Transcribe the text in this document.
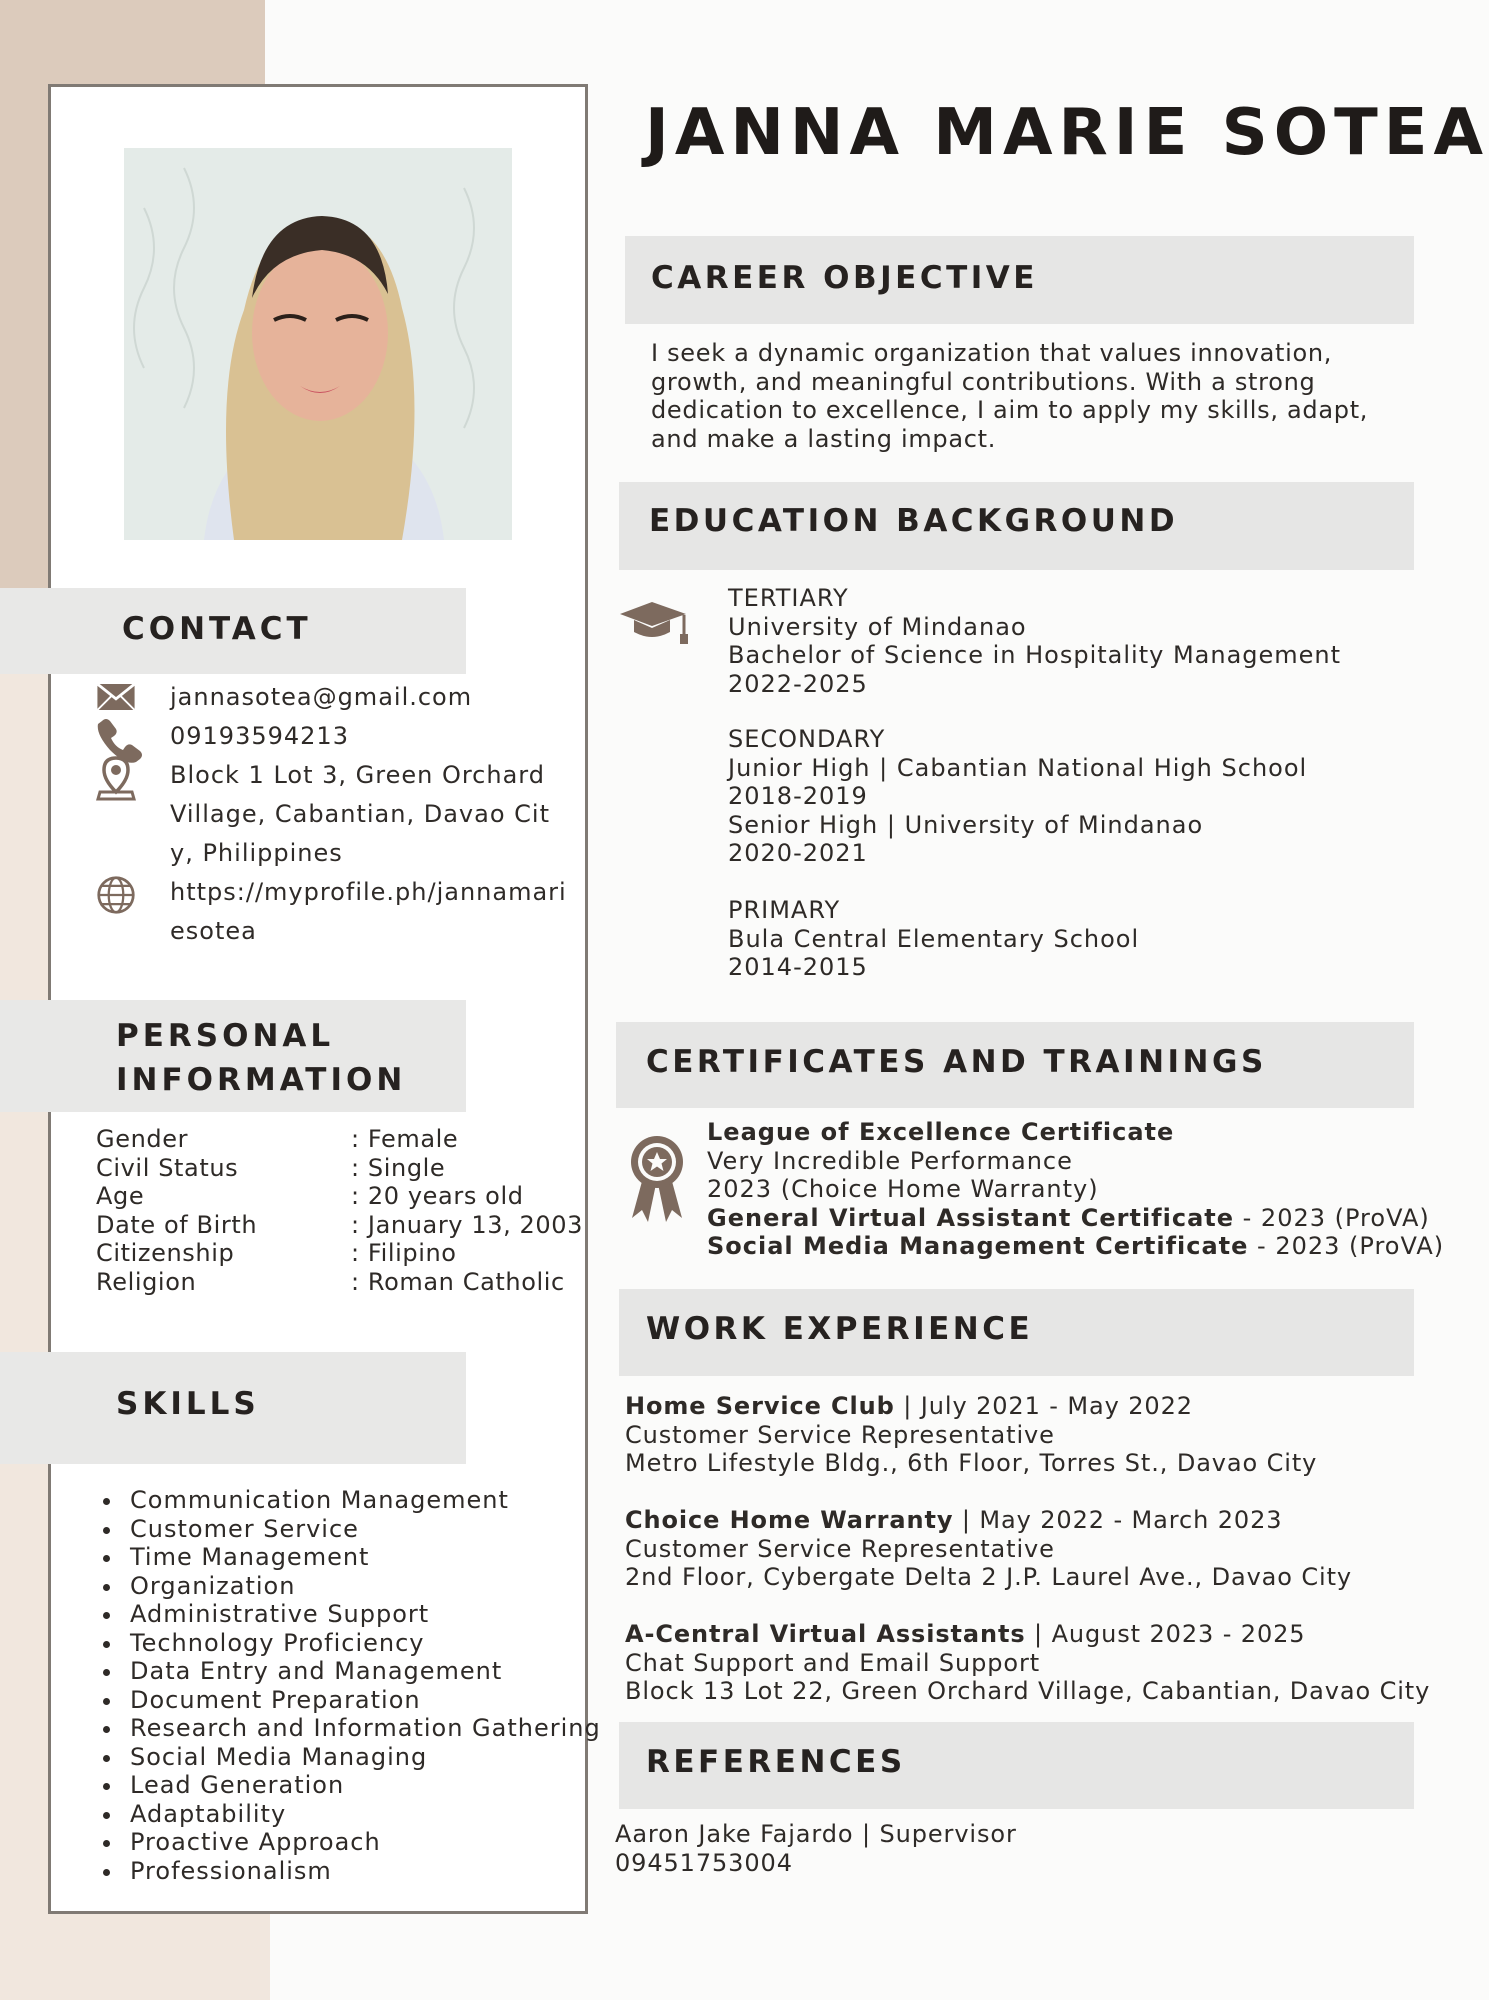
CONTACT
jannasotea@gmail.com
09193594213
Block 1 Lot 3, Green Orchard Village, Cabantian, Davao City, Philippines
https://myprofile.ph/jannamariesotea
PERSONAL
INFORMATION
Gender	: Female
Civil Status	: Single
Age	: 20 years old
Date of Birth	: January 13, 2003
Citizenship	: Filipino
Religion	: Roman Catholic
SKILLS
• Communication Management
• Customer Service
• Time Management
• Organization
• Administrative Support
• Technology Proficiency
• Data Entry and Management
• Document Preparation
• Research and Information Gathering
• Social Media Managing
• Lead Generation
• Adaptability
• Proactive Approach
• Professionalism
JANNA MARIE SOTEA
CAREER OBJECTIVE
I seek a dynamic organization that values innovation,
growth, and meaningful contributions. With a strong
dedication to excellence, I aim to apply my skills, adapt,
and make a lasting impact.
EDUCATION BACKGROUND
TERTIARY
University of Mindanao
Bachelor of Science in Hospitality Management
2022-2025
SECONDARY
Junior High | Cabantian National High School
2018-2019
Senior High | University of Mindanao
2020-2021
PRIMARY
Bula Central Elementary School
2014-2015
CERTIFICATES AND TRAININGS
League of Excellence Certificate
Very Incredible Performance
2023 (Choice Home Warranty)
General Virtual Assistant Certificate - 2023 (ProVA)
Social Media Management Certificate - 2023 (ProVA)
WORK EXPERIENCE
Home Service Club | July 2021 - May 2022
Customer Service Representative
Metro Lifestyle Bldg., 6th Floor, Torres St., Davao City
Choice Home Warranty | May 2022 - March 2023
Customer Service Representative
2nd Floor, Cybergate Delta 2 J.P. Laurel Ave., Davao City
A-Central Virtual Assistants | August 2023 - 2025
Chat Support and Email Support
Block 13 Lot 22, Green Orchard Village, Cabantian, Davao City
REFERENCES
Aaron Jake Fajardo | Supervisor
09451753004
